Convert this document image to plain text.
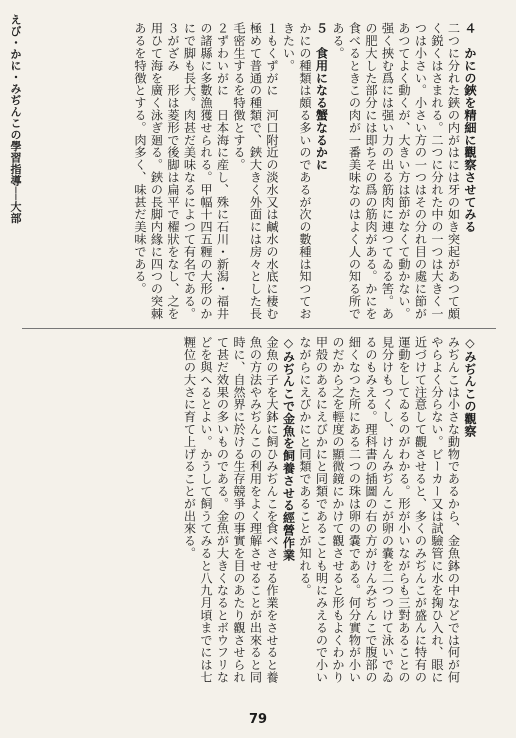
えび・かに・みぢんこの學習指導──大部	４　かにの鋏を精細に觀察させてみる
二つに分れた鋏の内がはには牙の如き突起があつて頗く鋭くはさまれる。二つに分れた中の一つは大きく一つは小さい。小さい方の一つはその分れ目の處に節があつてよく動くが、大きい方は節がなくて動かない。强く挾む爲には强い力の出る筋肉に連つてゐる筈。あの肥大した部分には即ちその爲の筋肉がある。かにを食べるときこの肉が一番美味なのはよく人の知る所である。
５　食用になる蟹なるかに
かにの種類は頗る多いのであるが次の數種は知つておきたい。
１もくずがに　河口附近の淡水又は鹹水の水底に棲む極めて普通の種類で、鋏大きく外面には房々とした長毛密生するを特徴とする。
２ずわいがに　日本海に産し、殊に石川・新潟・福井の諸縣に多數漁獲せられる。甲幅十四五糎の大形のかにで脚も長大。肉甚だ美味なるによつて有名である。
３がざみ　形は菱形で後脚は扁平で櫂狀をなし、之を用ひて海を廣く泳ぎ廻る。鋏の長脚内緣に四つの突棘あるを特徴とする。肉多く、味甚だ美味である。
◇みぢんこの觀察
みぢんこは小さな動物であるから、金魚鉢の中などでは何が何やらよく分らない。ビーカー又は試驗管に水を掬ひ入れ、眼に近づけて注意して觀させると、多くのみぢんこが盛んに特有の運動をしてゐるのがわかる。形が小いながらも三對あることの見分けもつくし、けんみぢんこが卵の嚢を二つつけて泳いでゐるのもみえる。理科書の插圖の右の方がけんみぢんこで腹部の細くなつた所にある二つの珠は卵の嚢である。何分實物が小いのだから之を輕度の顯微鏡にかけて觀させると形もよくわかり甲殻のあるにえびかにと同類であることも明にみえるので小いながらにえびかにと同類であることが知れる。
◇みぢんこで金魚を飼養させる經營作業
金魚の子を大鉢に飼ひみぢんこを食べさせる作業をさせると養魚の方法やみぢんこの利用をよく理解させることが出來ると同時に、自然界に於ける生存競爭の事實を目のあたり觀させられて甚だ效果の多いものである。金魚が大きくなるとボウフリなどを與へるとよい。かうして飼うてみると八九月頃までには七糎位の大さに育て上げることが出來る。
79
